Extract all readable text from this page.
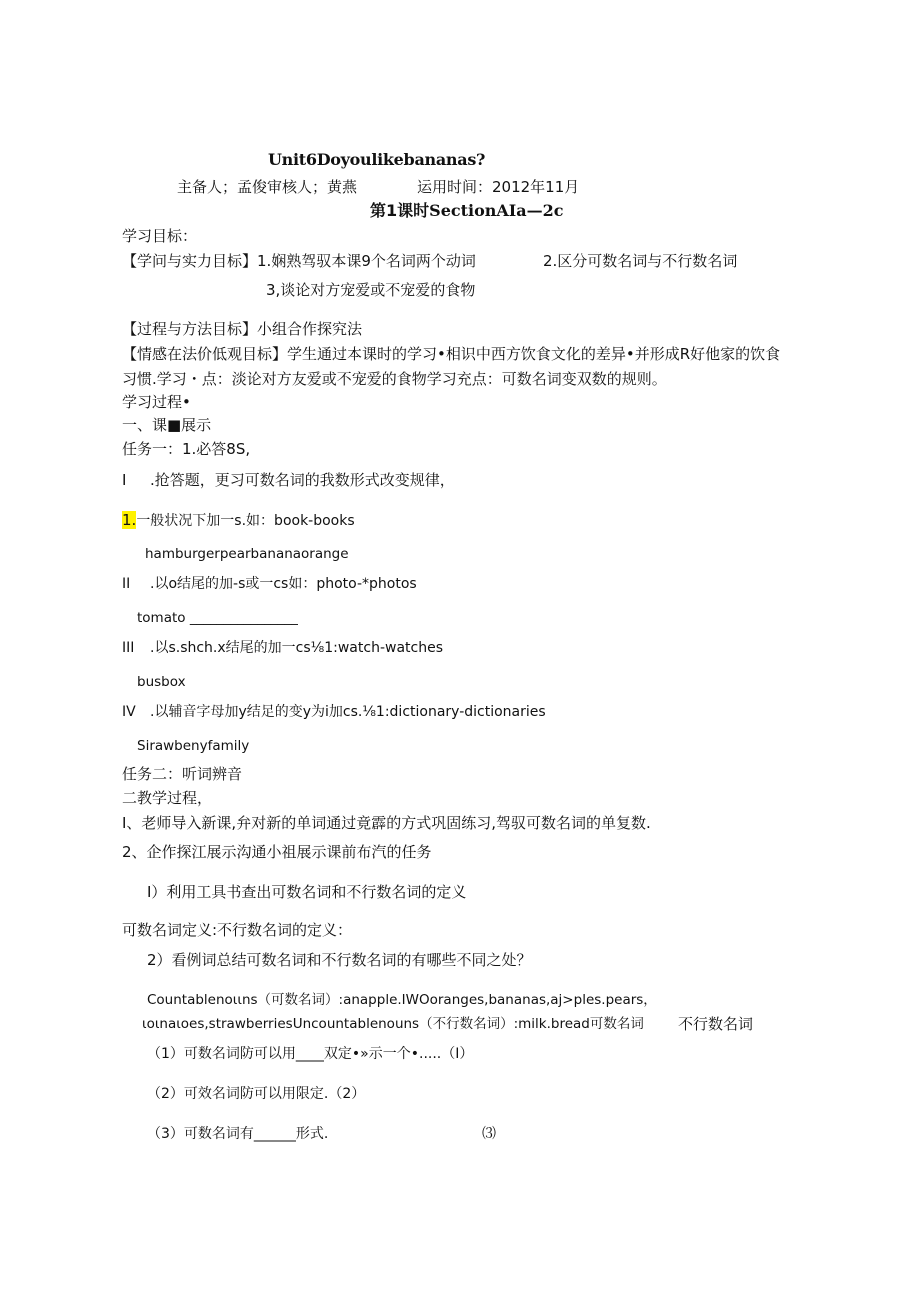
Unit6Doyoulikebananas?
主备人；孟俊审核人；黄燕	运用时间：2012年11月
第1课时SectionAIa—2c
学习目标：
【学问与实力目标】1.娴熟驾驭本课9个名词两个动词	2.区分可数名词与不行数名词
3,谈论对方宠爱或不宠爱的食物
【过程与方法目标】小组合作探究法
【情感在法价低观目标】学生通过本课时的学习•相识中西方饮食文化的差异•并形成R好他家的饮食
习惯.学习・点：淡论对方友爱或不宠爱的食物学习充点：可数名词变双数的规则。
学习过程•
一、课■展示
任务一：1.必答8S,
I .抢答题，更习可数名词的我数形式改变规律，
1.一般状况下加一s.如：book-books
hamburgerpearbananaorange
II .以o结尾的加-s或一cs如：photo-*photos
tomato ________________
III .以s.shch.x结尾的加一cs⅛1:watch-watches
busbox
IV .以辅音字母加y结足的变y为i加cs.⅛1:dictionary-dictionaries
Sirawbenyfamily
任务二：听词辨音
二教学过程，
I、老师导入新课,弁对新的单词通过竟霹的方式巩固练习,驾驭可数名词的单复数.
2、企作探江展示沟通小祖展示课前布汽的任务
I）利用工具书查出可数名词和不行数名词的定义
可数名词定义:不行数名词的定义：
2）看例词总结可数名词和不行数名词的有哪些不同之处？
Countablenoιιns（可数名词）:anapple.IWOoranges,bananas,aj>ples.pears，
ιoιnaιoes,strawberriesUncountablenouns（不行数名词）:milk.bread可数名词 不行数名词
（1）可数名词防可以用____双定•»示一个•.....（I）
（2）可效名词防可以用限定.（2）
（3）可数名词有______形式.	⑶
